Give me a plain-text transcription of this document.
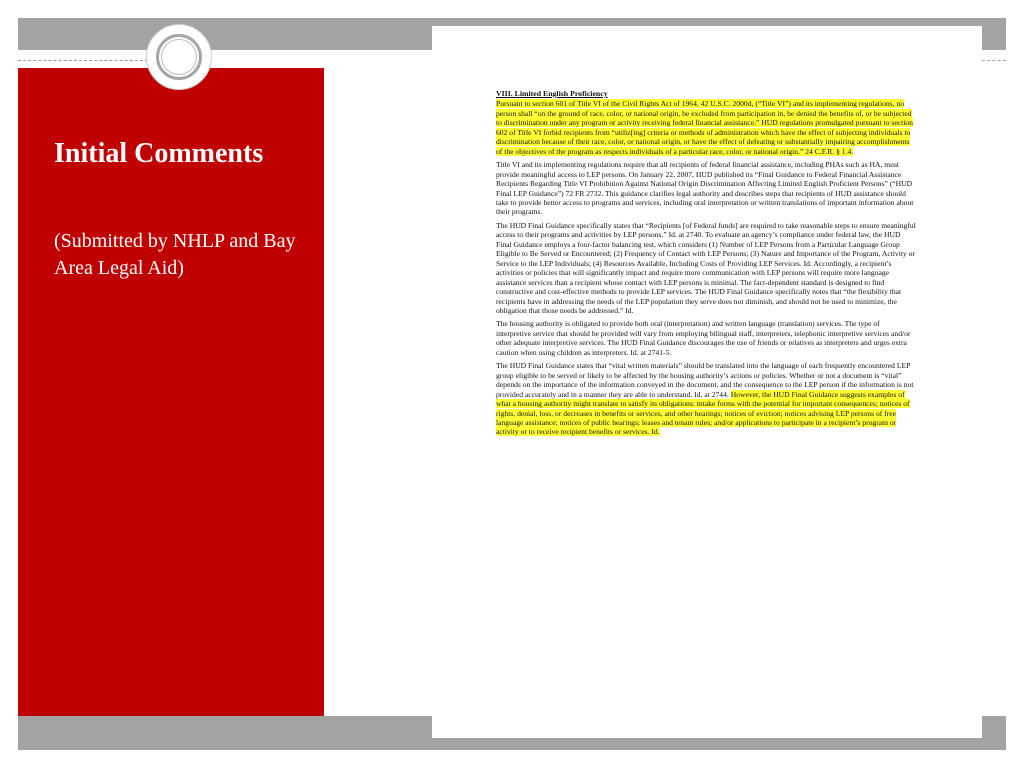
Initial Comments

(Submitted by NHLP and Bay Area Legal Aid)

VIII. Limited English Proficiency

Pursuant to section 601 of Title VI of the Civil Rights Act of 1964, 42 U.S.C. 2000d, (“Title VI”) and its implementing regulations, no person shall “on the ground of race, color, or national origin, be excluded from participation in, be denied the benefits of, or be subjected to discrimination under any program or activity receiving federal financial assistance.” HUD regulations promulgated pursuant to section 602 of Title VI forbid recipients from “utiliz[ing] criteria or methods of administration which have the effect of subjecting individuals to discrimination because of their race, color, or national origin, or have the effect of defeating or substantially impairing accomplishments of the objectives of the program as respects individuals of a particular race, color, or national origin.” 24 C.F.R. § 1.4.

Title VI and its implementing regulations require that all recipients of federal financial assistance, including PHAs such as HA, must provide meaningful access to LEP persons. On January 22, 2007, HUD published its “Final Guidance to Federal Financial Assistance Recipients Regarding Title VI Prohibition Against National Origin Discrimination Affecting Limited English Proficient Persons” (“HUD Final LEP Guidance”) 72 FR 2732. This guidance clarifies legal authority and describes steps that recipients of HUD assistance should take to provide better access to programs and services, including oral interpretation or written translations of important information about their programs.

The HUD Final Guidance specifically states that “Recipients [of Federal funds] are required to take reasonable steps to ensure meaningful access to their programs and activities by LEP persons.” Id. at 2740. To evaluate an agency’s compliance under federal law, the HUD Final Guidance employs a four-factor balancing test, which considers (1) Number of LEP Persons from a Particular Language Group Eligible to Be Served or Encountered; (2) Frequency of Contact with LEP Persons; (3) Nature and Importance of the Program, Activity or Service to the LEP Individuals; (4) Resources Available, Including Costs of Providing LEP Services. Id. Accordingly, a recipient’s activities or policies that will significantly impact and require more communication with LEP persons will require more language assistance services than a recipient whose contact with LEP persons is minimal. The fact-dependent standard is designed to find constructive and cost-effective methods to provide LEP services. The HUD Final Guidance specifically notes that “the flexibility that recipients have in addressing the needs of the LEP population they serve does not diminish, and should not be used to minimize, the obligation that those needs be addressed.” Id.

The housing authority is obligated to provide both oral (interpretation) and written language (translation) services. The type of interpretive service that should be provided will vary from employing bilingual staff, interpreters, telephonic interpretive services and/or other adequate interpretive services. The HUD Final Guidance discourages the use of friends or relatives as interpreters and urges extra caution when using children as interpreters. Id. at 2741-5.

The HUD Final Guidance states that “vital written materials” should be translated into the language of each frequently encountered LEP group eligible to be served or likely to be affected by the housing authority’s actions or policies. Whether or not a document is “vital” depends on the importance of the information conveyed in the document, and the consequence to the LEP person if the information is not provided accurately and in a manner they are able to understand. Id. at 2744. However, the HUD Final Guidance suggests examples of what a housing authority might translate to satisfy its obligations: intake forms with the potential for important consequences; notices of rights, denial, loss, or decreases in benefits or services, and other hearings; notices of eviction; notices advising LEP persons of free language assistance; notices of public hearings; leases and tenant rules; and/or applications to participate in a recipient’s program or activity or to receive recipient benefits or services. Id.
